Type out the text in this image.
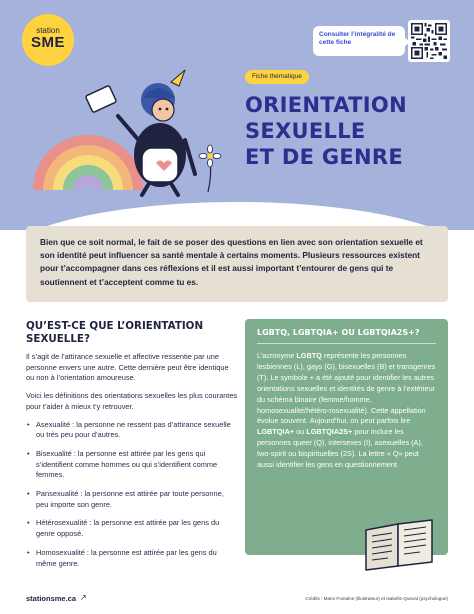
station
SME	Consulter l’intégralité de cette fiche
Fiche thématique
ORIENTATION
SEXUELLE
ET DE GENRE
Bien que ce soit normal, le fait de se poser des questions en lien avec son orientation sexuelle et son identité peut influencer sa santé mentale à certains moments. Plusieurs ressources existent pour t’accompagner dans ces réflexions et il est aussi important t’entourer de gens qui te soutiennent et t’acceptent comme tu es.
QU’EST-CE QUE L’ORIENTATION SEXUELLE?

Il s’agit de l’attirance sexuelle et affective ressentie par une personne envers une autre. Cette dernière peut être identique ou non à l’orientation amoureuse.

Voici les définitions des orientations sexuelles les plus courantes pour t’aider à mieux t’y retrouver.

• Asexualité : la personne ne ressent pas d’attirance sexuelle ou très peu pour d’autres.
• Bisexualité : la personne est attirée par les gens qui s’identifient comme hommes ou qui s’identifient comme femmes.
• Pansexualité : la personne est attirée par toute personne, peu importe son genre.
• Hétérosexualité : la personne est attirée par les gens du genre opposé.
• Homosexualité : la personne est attirée par les gens du même genre.
LGBTQ, LGBTQIA+ OU LGBTQIA2S+?

L’acronyme LGBTQ représente les personnes lesbiennes (L), gays (G), bisexuelles (B) et transgenres (T). Le symbole + a été ajouté pour identifier les autres orientations sexuelles et identités de genre à l’extérieur du schéma binaire (femme/homme, homosexualité/hétéro-rosexualité). Cette appellation évolue souvent. Aujourd’hui, on peut parfois lire LGBTQIA+ ou LGBTQIA2S+ pour inclure les personnes queer (Q), intersexes (I), asexuelles (A), two-spirit ou bispirituelles (2S). La lettre « Q» peut aussi identifier les gens en questionnement.

stationsme.ca ↗	Crédits : Mario Fontaine (illustrateur) et Isabelle Queval (psychologue)
